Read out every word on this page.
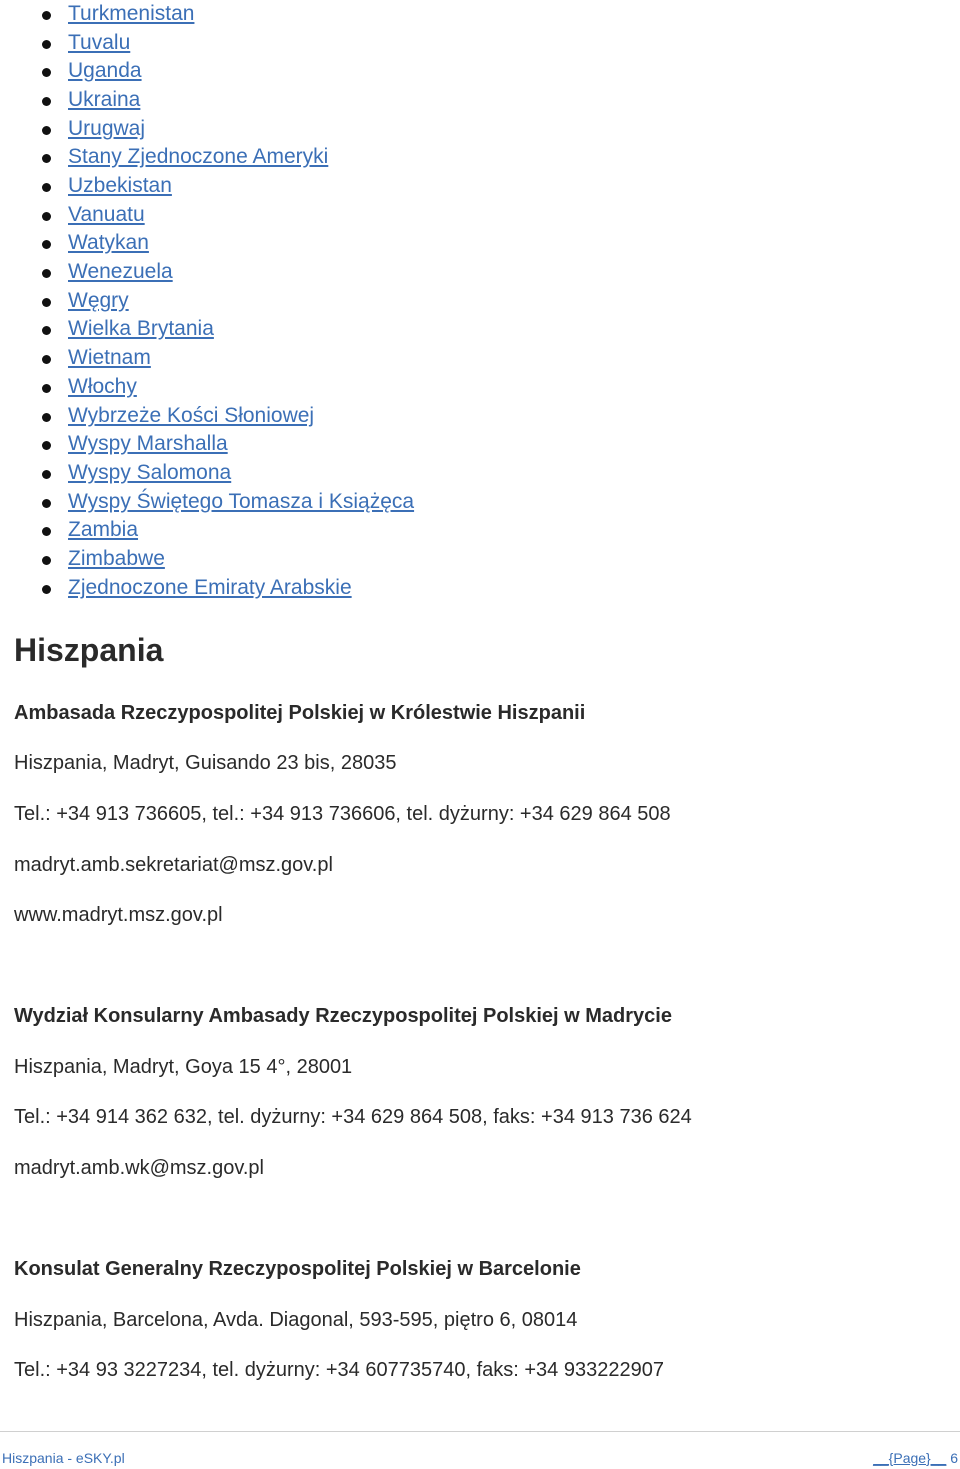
Turkmenistan
Tuvalu
Uganda
Ukraina
Urugwaj
Stany Zjednoczone Ameryki
Uzbekistan
Vanuatu
Watykan
Wenezuela
Węgry
Wielka Brytania
Wietnam
Włochy
Wybrzeże Kości Słoniowej
Wyspy Marshalla
Wyspy Salomona
Wyspy Świętego Tomasza i Książęca
Zambia
Zimbabwe
Zjednoczone Emiraty Arabskie
Hiszpania

Ambasada Rzeczypospolitej Polskiej w Królestwie Hiszpanii

Hiszpania, Madryt, Guisando 23 bis, 28035

Tel.: +34 913 736605, tel.: +34 913 736606, tel. dyżurny: +34 629 864 508

madryt.amb.sekretariat@msz.gov.pl

www.madryt.msz.gov.pl

Wydział Konsularny Ambasady Rzeczypospolitej Polskiej w Madrycie

Hiszpania, Madryt, Goya 15 4°, 28001

Tel.: +34 914 362 632, tel. dyżurny: +34 629 864 508, faks: +34 913 736 624

madryt.amb.wk@msz.gov.pl

Konsulat Generalny Rzeczypospolitej Polskiej w Barcelonie

Hiszpania, Barcelona, Avda. Diagonal, 593-595, piętro 6, 08014

Tel.: +34 93 3227234, tel. dyżurny: +34 607735740, faks: +34 933222907

Hiszpania - eSKY.pl	__{Page}__ 6
